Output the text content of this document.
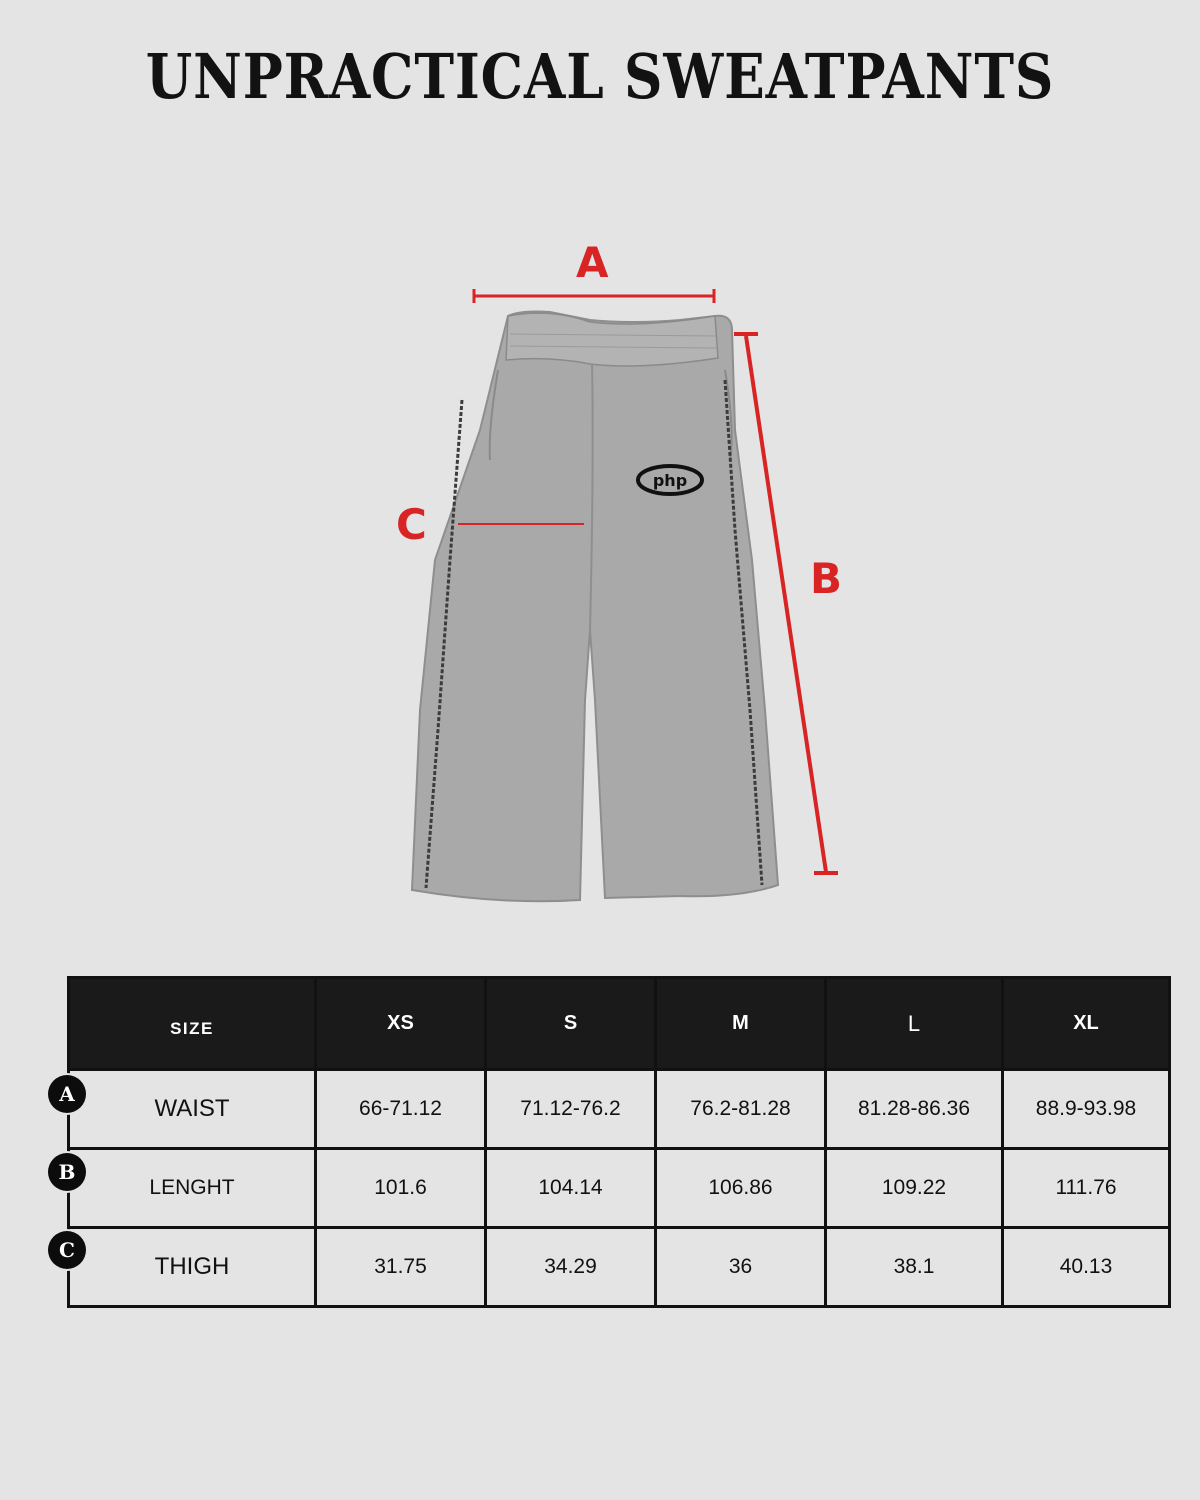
UNPRACTICAL SWEATPANTS
php
A
C
B
SIZE	XS	S	M	L	XL
WAIST	66-71.12	71.12-76.2	76.2-81.28	81.28-86.36	88.9-93.98
LENGHT	101.6	104.14	106.86	109.22	111.76
THIGH	31.75	34.29	36	38.1	40.13
A
B
C
